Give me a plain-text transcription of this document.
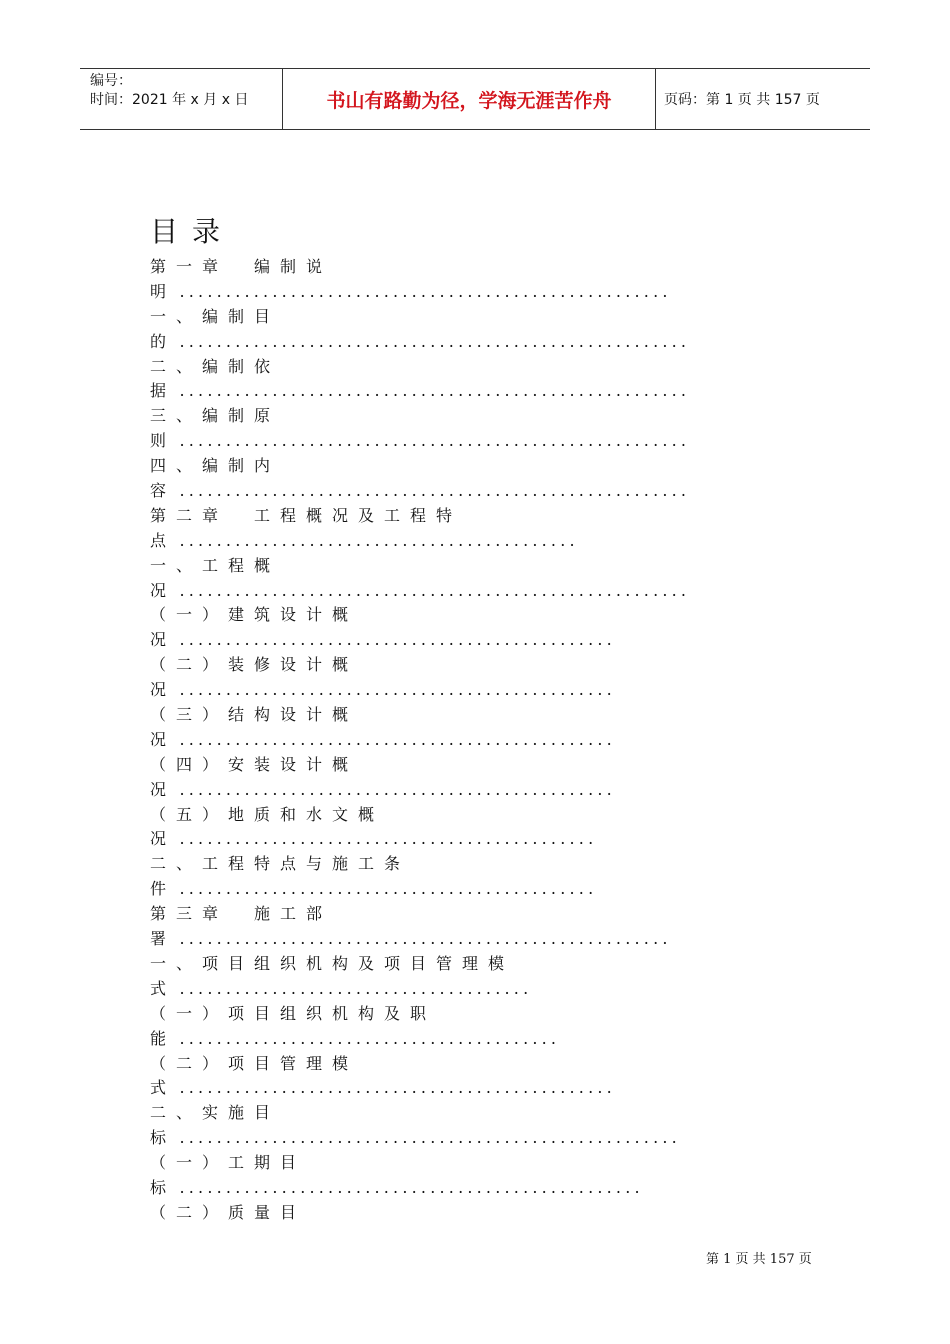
编号：
时间：2021 年 x 月 x 日	书山有路勤为径，学海无涯苦作舟	页码：第 1 页 共 157 页
目录
第一章　编制说
明 .....................................................
一、编制目
的 .......................................................
二、编制依
据 .......................................................
三、编制原
则 .......................................................
四、编制内
容 .......................................................
第二章　工程概况及工程特
点 ...........................................
一、工程概
况 .......................................................
（一）建筑设计概
况 ...............................................
（二）装修设计概
况 ...............................................
（三）结构设计概
况 ...............................................
（四）安装设计概
况 ...............................................
（五）地质和水文概
况 .............................................
二、工程特点与施工条
件 .............................................
第三章　施工部
署 .....................................................
一、项目组织机构及项目管理模
式 ......................................
（一）项目组织机构及职
能 .........................................
（二）项目管理模
式 ...............................................
二、实施目
标 ......................................................
（一）工期目
标 ..................................................
（二）质量目
第 1 页 共 157 页
